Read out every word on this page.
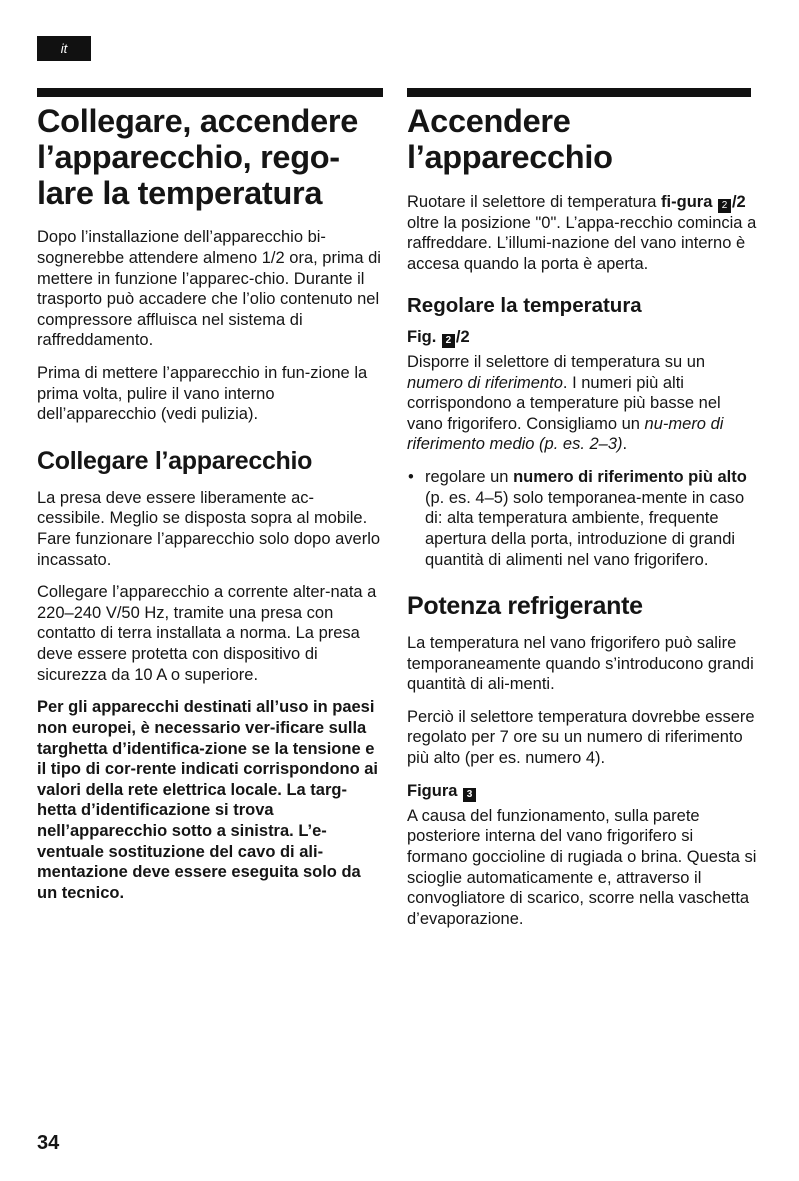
it
Collegare, accendere l’apparecchio, rego-lare la temperatura

Dopo l’installazione dell’apparecchio bi-sognerebbe attendere almeno 1/2 ora, prima di mettere in funzione l’apparec-chio. Durante il trasporto può accadere che l’olio contenuto nel compressore affluisca nel sistema di raffreddamento.

Prima di mettere l’apparecchio in fun-zione la prima volta, pulire il vano interno dell’apparecchio (vedi pulizia).

Collegare l’apparecchio

La presa deve essere liberamente ac-cessibile. Meglio se disposta sopra al mobile. Fare funzionare l’apparecchio solo dopo averlo incassato.

Collegare l’apparecchio a corrente alter-nata a 220–240 V/50 Hz, tramite una presa con contatto di terra installata a norma. La presa deve essere protetta con dispositivo di sicurezza da 10 A o superiore.

Per gli apparecchi destinati all’uso in paesi non europei, è necessario ver-ificare sulla targhetta d’identifica-zione se la tensione e il tipo di cor-rente indicati corrispondono ai valori della rete elettrica locale. La targ-hetta d’identificazione si trova nell’apparecchio sotto a sinistra. L’e-ventuale sostituzione del cavo di ali-mentazione deve essere eseguita solo da un tecnico.

Accendere l’apparecchio

Ruotare il selettore di temperatura fi-gura 2 /2 oltre la posizione "0". L’appa-recchio comincia a raffreddare. L’illumi-nazione del vano interno è accesa quando la porta è aperta.

Regolare la temperatura
Fig. 2 /2

Disporre il selettore di temperatura su un numero di riferimento. I numeri più alti corrispondono a temperature più basse nel vano frigorifero. Consigliamo un nu-mero di riferimento medio (p. es. 2–3).

• regolare un numero di riferimento più alto (p. es. 4–5) solo temporanea-mente in caso di: alta temperatura ambiente, frequente apertura della porta, introduzione di grandi quantità di alimenti nel vano frigorifero.
Potenza refrigerante

La temperatura nel vano frigorifero può salire temporaneamente quando s’introducono grandi quantità di ali-menti.

Perciò il selettore temperatura dovrebbe essere regolato per 7 ore su un numero di riferimento più alto (per es. numero 4).

Figura 3

A causa del funzionamento, sulla parete posteriore interna del vano frigorifero si formano goccioline di rugiada o brina. Questa si scioglie automaticamente e, attraverso il convogliatore di scarico, scorre nella vaschetta d’evaporazione.

34
